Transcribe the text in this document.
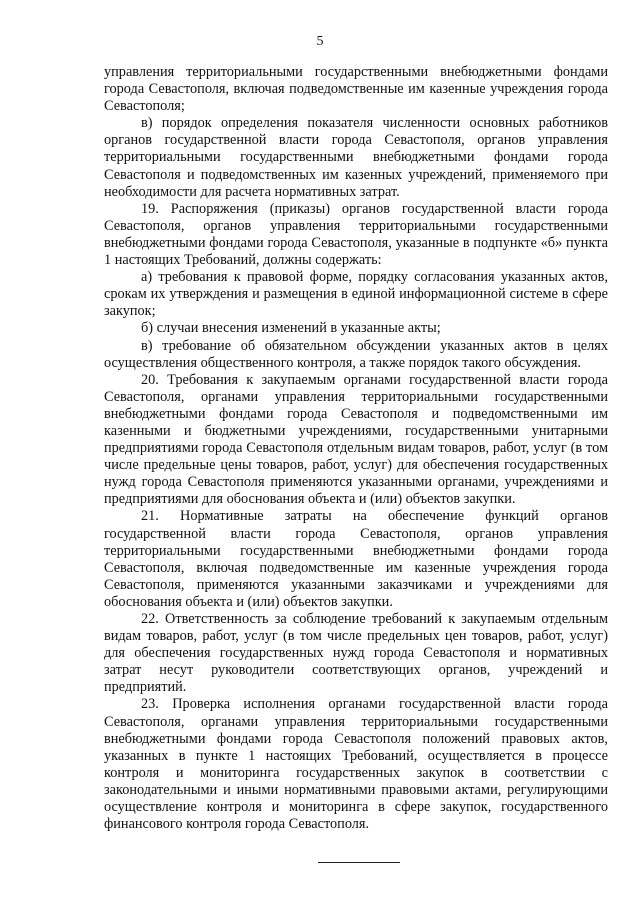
5

управления территориальными государственными внебюджетными фондами города Севастополя, включая подведомственные им казенные учреждения города Севастополя;

в) порядок определения показателя численности основных работников органов государственной власти города Севастополя, органов управления территориальными государственными внебюджетными фондами города Севастополя и подведомственных им казенных учреждений, применяемого при необходимости для расчета нормативных затрат.

19. Распоряжения (приказы) органов государственной власти города Севастополя, органов управления территориальными государственными внебюджетными фондами города Севастополя, указанные в подпункте «б» пункта 1 настоящих Требований, должны содержать:

а) требования к правовой форме, порядку согласования указанных актов, срокам их утверждения и размещения в единой информационной системе в сфере закупок;

б) случаи внесения изменений в указанные акты;

в) требование об обязательном обсуждении указанных актов в целях осуществления общественного контроля, а также порядок такого обсуждения.

20. Требования к закупаемым органами государственной власти города Севастополя, органами управления территориальными государственными внебюджетными фондами города Севастополя и подведомственными им казенными и бюджетными учреждениями, государственными унитарными предприятиями города Севастополя отдельным видам товаров, работ, услуг (в том числе предельные цены товаров, работ, услуг) для обеспечения государственных нужд города Севастополя применяются указанными органами, учреждениями и предприятиями для обоснования объекта и (или) объектов закупки.

21. Нормативные затраты на обеспечение функций органов государственной власти города Севастополя, органов управления территориальными государственными внебюджетными фондами города Севастополя, включая подведомственные им казенные учреждения города Севастополя, применяются указанными заказчиками и учреждениями для обоснования объекта и (или) объектов закупки.

22. Ответственность за соблюдение требований к закупаемым отдельным видам товаров, работ, услуг (в том числе предельных цен товаров, работ, услуг) для обеспечения государственных нужд города Севастополя и нормативных затрат несут руководители соответствующих органов, учреждений и предприятий.

23. Проверка исполнения органами государственной власти города Севастополя, органами управления территориальными государственными внебюджетными фондами города Севастополя положений правовых актов, указанных в пункте 1 настоящих Требований, осуществляется в процессе контроля и мониторинга государственных закупок в соответствии с законодательными и иными нормативными правовыми актами, регулирующими осуществление контроля и мониторинга в сфере закупок, государственного финансового контроля города Севастополя.
